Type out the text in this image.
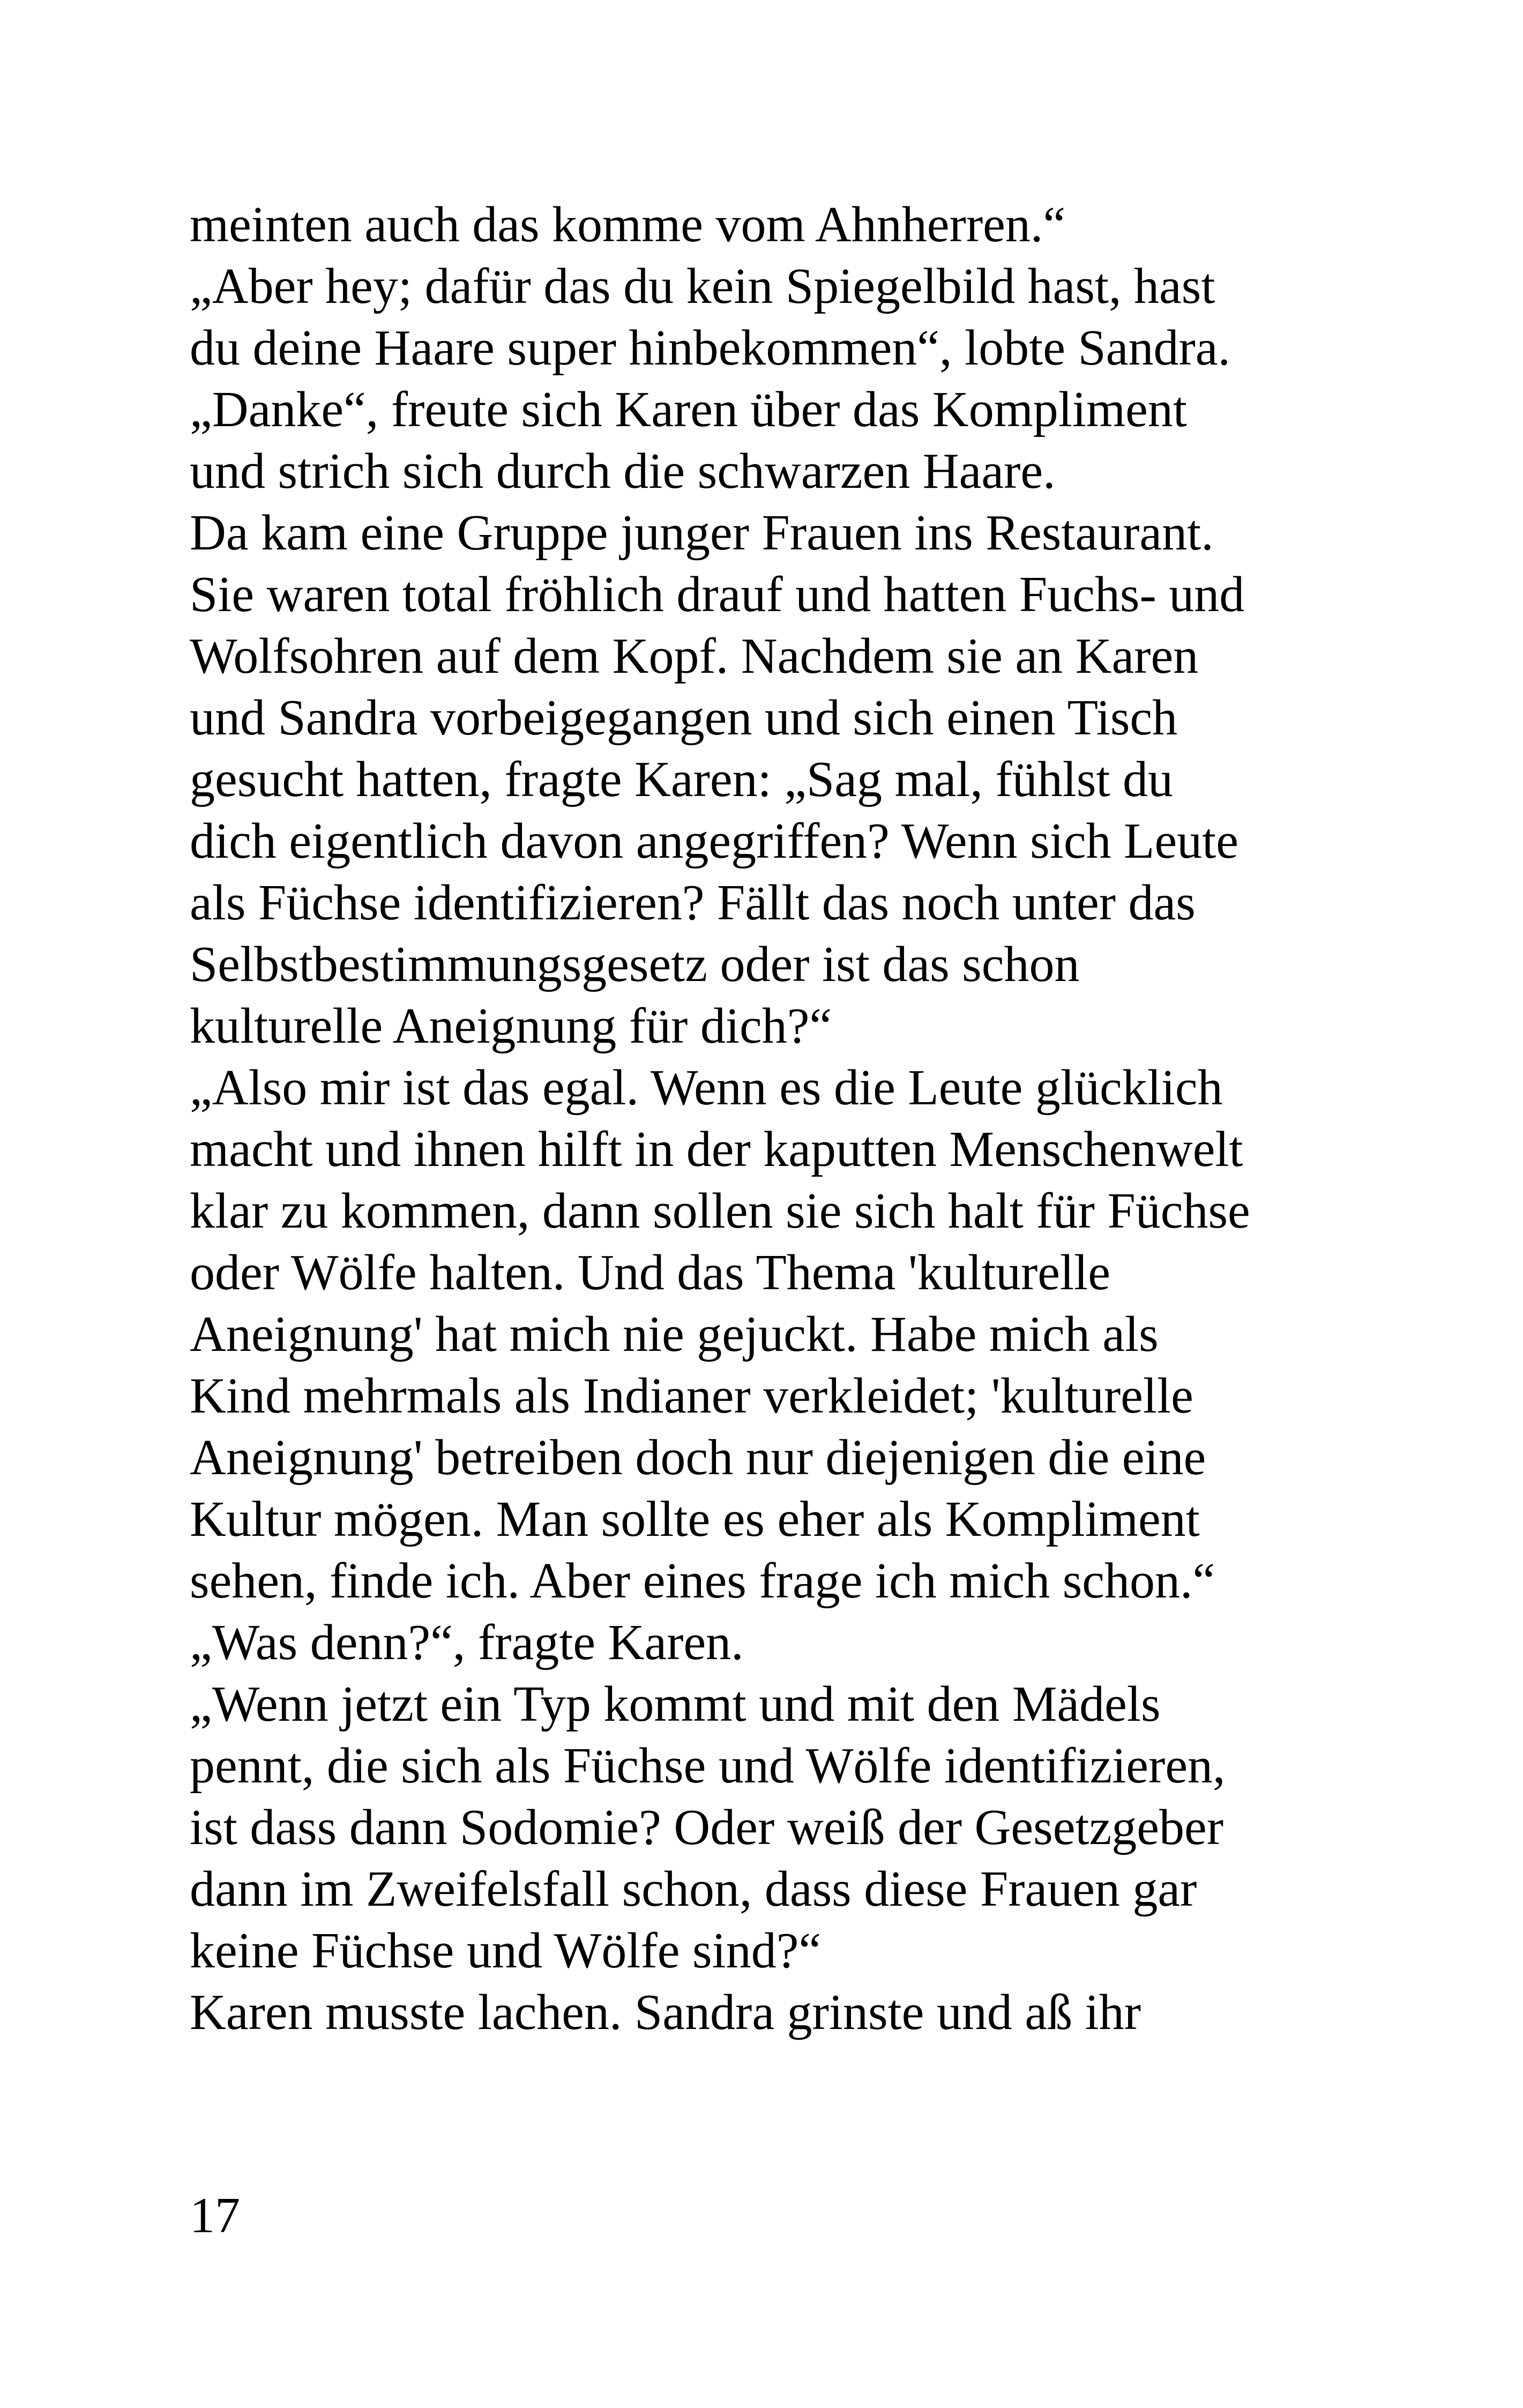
meinten auch das komme vom Ahnherren.“
„Aber hey; dafür das du kein Spiegelbild hast, hast
du deine Haare super hinbekommen“, lobte Sandra.
„Danke“, freute sich Karen über das Kompliment
und strich sich durch die schwarzen Haare.
Da kam eine Gruppe junger Frauen ins Restaurant.
Sie waren total fröhlich drauf und hatten Fuchs- und
Wolfsohren auf dem Kopf. Nachdem sie an Karen
und Sandra vorbeigegangen und sich einen Tisch
gesucht hatten, fragte Karen: „Sag mal, fühlst du
dich eigentlich davon angegriffen? Wenn sich Leute
als Füchse identifizieren? Fällt das noch unter das
Selbstbestimmungsgesetz oder ist das schon
kulturelle Aneignung für dich?“
„Also mir ist das egal. Wenn es die Leute glücklich
macht und ihnen hilft in der kaputten Menschenwelt
klar zu kommen, dann sollen sie sich halt für Füchse
oder Wölfe halten. Und das Thema 'kulturelle
Aneignung' hat mich nie gejuckt. Habe mich als
Kind mehrmals als Indianer verkleidet; 'kulturelle
Aneignung' betreiben doch nur diejenigen die eine
Kultur mögen. Man sollte es eher als Kompliment
sehen, finde ich. Aber eines frage ich mich schon.“
„Was denn?“, fragte Karen.
„Wenn jetzt ein Typ kommt und mit den Mädels
pennt, die sich als Füchse und Wölfe identifizieren,
ist dass dann Sodomie? Oder weiß der Gesetzgeber
dann im Zweifelsfall schon, dass diese Frauen gar
keine Füchse und Wölfe sind?“
Karen musste lachen. Sandra grinste und aß ihr
17
